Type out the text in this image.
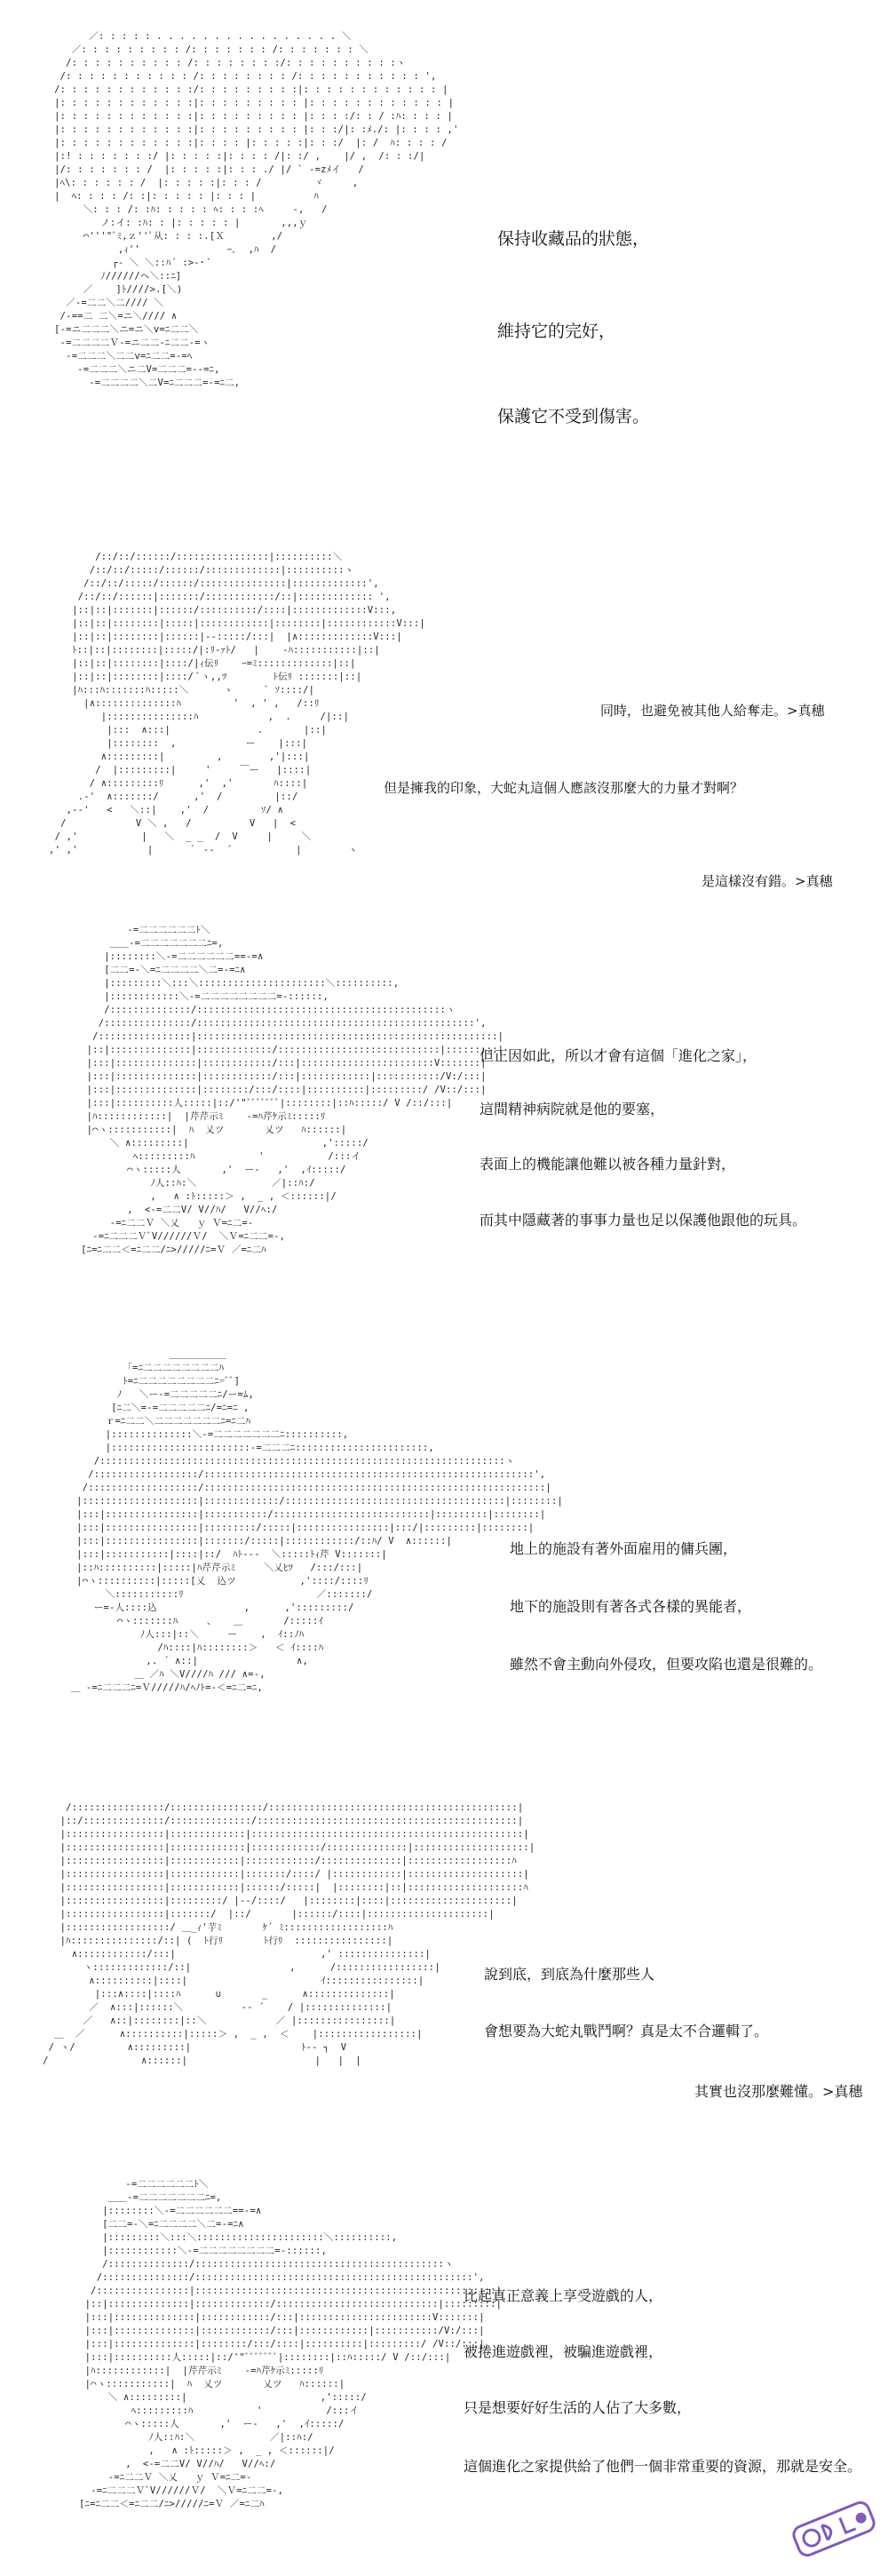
／: : : : : . . . . . . . . . . . . . . . . ＼
／: : : : : : : : : /: : : : : : : /: : : : : : : ＼
/: : : : : : : : : : /: : : : : : : :/: : : : : : : : : :ヽ
/: : : : : : : : : : : /: : : : : : : : /: : : : : : : : : : : ',
/: : : : : : : : : : : :/: : : : : : : : :|: : : : : : : : : : : : |
|: : : : : : : : : : : :|: : : : : : : : : |: : : : : : : : : : : : |
|: : : : : : : : : : : :|: : : : : : : : : |: : : :/: : / :ﾊ: : : : |
|: : : : : : : : : : : :|: : : : : : : : : |: : :/|: :ﾒ./: |: : : : ,'
|: : : : : : : : : : : :|: : : : |: : : : :|: : :/  |: /  ﾊ: : : : /
|:! : : : : : : :/ |: : : : :|: : : : /|: :/ ,    |/ ,  /: : :/|
|/: : : : : : : /  |: : : : :|: : : ./ |/ ` ‐=zﾒイ   /
|ﾍ\: : : : : : /  |: : : : :|: : : /         ヾ     ,
|  ﾍ: : : : /: :|: : : : : |: : : |          ﾊ
＼: : : /: :ﾊ: : : : : ﾍ: : : :ﾍ     ‐,   /
ノ:イ: :ﾊ: : |: : : : : |       ,,,ｙ
⌒'''"ﾞﾐ,ｚ''ﾟ从: : : :.[Ｘ        ,/
,ｨ''               ｰ､  ,ﾊ  /
┌‐ ＼ ＼::ﾊ´ :>-･ ﾞ
ﾉ//////ヘ＼::ﾆ]
／    ]ﾄ////>.[＼)
／-=二二＼二//// ＼
/-==二 二＼=ニ＼//// ∧
[-=ニ二二二＼ニ=ニ＼v=ﾆ二二＼
-=二二二二Ｖ-=ニ二二-ﾆ二二-=ヽ
-=二二二＼二二v=ﾆ二二=-=ﾍ
-=二二二＼ニ二V=二二二=-‐=ﾆ,
-=二二二二＼二V=ﾆ二二二=-=ﾆ二,
保持收藏品的狀態，
維持它的完好，
保護它不受到傷害。
/::/::/::::::/::::::::::::::::|::::::::::＼
/::/::/:::::/::::::/:::::::::::::|::::::::::ヽ
/::/::/:::::/::::::/:::::::::::::::|:::::::::::::',
/::/::/::::::|:::::::/::::::::::::/::|::::::::::::: ',
|::|::|:::::::|::::::/::::::::::/::::|:::::::::::::V:::,
|::|::|::::::::|:::::|::::::::::::|::::::::|::::::::::::V:::|
|::|::|::::::::|::::::|--:::::/:::|  |∧:::::::::::::V:::|
ﾄ::|::|::::::::|:::::/|:ﾘ-ｧﾄ/   |    ‐ﾊ:::::::::::|::|
|::|::|::::::::|::::/|ｨ伝ﾘ    ｰ=ﾐ:::::::::::::|::|
|::|::|::::::::|::::/ ﾞヽ,,ﾂ        ﾄ伝ﾘ :::::::|::|
|ﾊ:::ﾊ:::::::ﾊ:::::＼      ヽ      ﾞ ｿ::::/|
|∧::::::::::::::ﾊ         '  , ' ,   /::ﾘ
|:::::::::::::::ﾊ            ,  .     /|::|
|:::  ∧:::|               .       |::|
|::::::::  ,            ー    |:::|
∧:::::::::|         ,        ,'|:::|
/  |:::::::::|     '     ￣ー   |::::|
/ ∧:::::::::ﾘ      ,'  ,'       ﾊ::::|
.-'  ∧:::::::/      ,'  /         |::/
,-‐'   <   ＼::|    ,'  /         ｿ/ ∧
/            V ＼ ,   /          V   |  <
/ ,'           |   ＼  _ _  /  V     |     ＼
,' ,'            |      ｀ ‐-  ´           |        ヽ
同時，也避免被其他人給奪走。>真穗
但是擁我的印象，大蛇丸這個人應該沒那麼大的力量才對啊？
是這樣沒有錯。>真穗
-=二二二二二二ﾄ＼
＿＿‐=二二二二二二二ﾆ=,
|::::::::＼-=二二二二二二==‐=∧
[二二=-＼=ﾆ二二二二＼二=-=ﾆ∧
|:::::::::＼:::＼::::::::::::::::::::::＼::::::::::,
|::::::::::::＼-=二二二二二二二二=-::::::,
/::::::::::::::/:::::::::::::::::::::::::::::::::::::::::::ヽ
/:::::::::::::::/::::::::::::::::::::::::::::::::::::::::::::::::',
/::::::::::::::::|::::::::::::::::::::::::::::::::::::::::::::::::::::|
|::|::::::::::::::|:::::::::::::/::::::::::::::::::::::::::::|:::::::::|
|:::|::::::::::::::|::::::::::::/:::|:::::::::::::::::::::::V:::::::|
|:::|::::::::::::::|::::::::::::/:::|::::::::::::|:::::::::::/V:/:::|
|:::|::::::::::::::|::::::::/:::/::::|::::::::::|:::::::::/ /V::/:::|
|:::|::::::::::人:::::|::/'"ﾞﾞﾞﾞﾞﾞﾞ|::::::::|::ﾊ:::::/ V /::/:::|
|ﾊ::::::::::::|  |芹芹示ﾐ    ‐=ﾊ芹ｹ示ﾐ:::::ﾘ
|⌒ヽ:::::::::::|  ﾊ  乂ツ       乂ツ   ﾊ::::::|
＼ ∧:::::::::|                       ,':::::/
ﾍ:::::::::ﾊ           '           /:::イ
⌒ヽ:::::人       ,'  ー‐   ,'  ,ｲ:::::/
ﾉ人::ﾊ:＼             ／|::ﾊ:/
,   ∧ :ﾄ:::::＞ ,  _ , ＜::::::|/
,  <‐=二二V/ V//ﾊ/   V//ﾍ:/
-=ﾆ二二Ｖ ＼乂   ｙ Ｖ=ﾆ二=-
-=ﾆ二二二ＶﾞV//////Ｖ/  ＼Ｖ=ﾆ二二=-,
[ﾆ=ﾆ二二＜=ﾆ二二/ﾆ>/////ﾆ=Ｖ ／=ﾆ二ﾊ
但正因如此，所以才會有這個「進化之家」，
這間精神病院就是他的要塞，
表面上的機能讓他難以被各種力量針對，
而其中隱藏著的事事力量也足以保護他跟他的玩具。
＿＿＿＿＿＿
「=ﾆ二二二二二二二二ﾊ
ﾄ=ﾆ二二二二二二二二ﾆ=ﾞﾞ]
ﾉ   ＼ー‐=二二二二二ﾆ/ー=ﾑ,
[ﾆ二＼=-=二二二二二ﾆ/=ﾆ=ﾆ ,
ｒ=ﾆ二二＼二二二二二二二ﾆ=ﾆ二ﾊ
|::::::::::::::＼‐=二二二二二二二ﾆ::::::::::,
|::::::::::::::::::::::::‐=二二二ﾆ:::::::::::::::::::::::,
/::::::::::::::::::::::::::::::::::::::::::::::::::::::::::::::::::::::ヽ
/::::::::::::::::::/:::::::::::::::::::::::::::::::::::::::::::::::::::::::::',
/:::::::::::::::::::/:::::::::::::::::::::::::::::::::::::::::::::::::::::::::::|
|::::::::::::::::::::|:::::::::::::/::::::::::::::::::::::::::::::::::::::|::::::::|
|:::|::::::::::::::::|:::::::::::/:::::::::::::::::::::::::::|:::::::::|::::::::|
|:::|::::::::::::::::|:::::::::/:::::|::::::::::::::::|:::/|:::::::::|::::::::|
|:::|::::::::::::::::|:::::::/:::::|::::::::::::/::ﾊ/ V  ∧::::::|
|:::|:::::::::::|::::|::/  ﾊﾄ--‐  ＼:::::ﾄｨ芹 V:::::::|
|::ﾊ::::::::::|:::::|ﾊ芹芹示ﾐ     ＼乂ﾋﾂ   /:::/:::|
|⌒ヽ::::::::::|:::::[乂  込ツ           ,'::::/::::ﾘ
＼:::::::::::ﾘ                       ／:::::::/
ー=‐人::::込               ,      ,':::::::::/
⌒ヽ:::::::ﾊ     、   ＿       /:::::ｲ
ﾉ人:::|::＼     ー    ,  ｲ::ﾉﾊ
/ﾊ::::|ﾊ::::::::＞   ＜ ｲ::::ﾊ
,. ´ ∧::|                 ∧,
＿ ／ﾊ ＼V////ﾊ /// ∧=‐,
＿ -=ﾆ二二二ﾆ=Ｖ/////ﾊ/ﾍﾉﾄ=-＜=ﾆ二=ﾆ,
地上的施設有著外面雇用的傭兵團，
地下的施設則有著各式各樣的異能者，
雖然不會主動向外侵攻，但要攻陷也還是很難的。
/::::::::::::::::/::::::::::::::::/:::::::::::::::::::::::::::::::::::::::::::|
|::/::::::::::::::/::::::::::::::/:::::::::::::::::::::::::::::::::::::::::::::|
|:::::::::::::::::|:::::::::::::|:::::::::::::::::::::::::::::::::::::::::::::::|
|:::::::::::::::::|:::::::::::::|::::::::::::/::::::::::::::|::::::::::::::::::::|
|:::::::::::::::::|::::::::::::|::::::::::::/::::::::::::::|::::::::::::::::::ﾊ
|:::::::::::::::::|::::::::::::|:::::::/::::/ |::::::::::::|::::::::::::::::::::|
|:::::::::::::::::|::::::::::::|::::::/:::::|  |::::::::|::|::::::::::::::::::::ﾊ
|:::::::::::::::::|:::::::::/ |-‐/::::/   |::::::::|::::|:::::::::::::::::::::|
|:::::::::::::::::|:::::::/  |::/       |::::::/::::|:::::::::::::::::::::|
|::::::::::::::::::/ ＿_ｨ'芋ﾐ       ｹ´ ﾐ::::::::::::::::::ﾊ
|ﾊ:::::::::::::::/::| (  ﾄ行ﾘ       ﾄ行ﾘ  ::::::::::::::::|
∧::::::::::::/:::|                         ,' :::::::::::::::|
ヽ:::::::::::::/::|                 ,      /:::::::::::::::::|
∧::::::::::|::::|                       ｲ::::::::::::::::|
|:::∧::::|::::ﾊ      ∪       _      ∧::::::::::::::|
／  ∧:::|::::::＼          ‐‐ ´    / |::::::::::::::|
／   ∧::|::::::::|::＼            ／ |::::::::::::::::|
＿  ／      ∧::::::::::|:::::＞ ,  _ ,  ＜    |:::::::::::::::::|
/ ヽ/         ∧:::::::::|                   ﾄ‐‐ ┐  V
/                ∧::::::|                      |   |  |
說到底，到底為什麼那些人
會想要為大蛇丸戰鬥啊？真是太不合邏輯了。
其實也沒那麼難懂。>真穗
-=二二二二二二ﾄ＼
＿＿‐=二二二二二二二ﾆ=,
|::::::::＼-=二二二二二二==‐=∧
[二二=-＼=ﾆ二二二二＼二=-=ﾆ∧
|:::::::::＼:::＼::::::::::::::::::::::＼::::::::::,
|::::::::::::＼-=二二二二二二二二=-::::::,
/::::::::::::::/:::::::::::::::::::::::::::::::::::::::::::ヽ
/:::::::::::::::/::::::::::::::::::::::::::::::::::::::::::::::::',
/::::::::::::::::|::::::::::::::::::::::::::::::::::::::::::::::::::::|
|::|::::::::::::::|:::::::::::::/::::::::::::::::::::::::::::|:::::::::|
|:::|::::::::::::::|::::::::::::/:::|:::::::::::::::::::::::V:::::::|
|:::|::::::::::::::|::::::::::::/:::|::::::::::::|:::::::::::/V:/:::|
|:::|::::::::::::::|::::::::/:::/::::|::::::::::|:::::::::/ /V::/:::|
|:::|::::::::::人:::::|::/'"ﾞﾞﾞﾞﾞﾞﾞ|::::::::|::ﾊ:::::/ V /::/:::|
|ﾊ::::::::::::|  |芹芹示ﾐ    ‐=ﾊ芹ｹ示ﾐ:::::ﾘ
|⌒ヽ:::::::::::|  ﾊ  乂ツ       乂ツ   ﾊ::::::|
＼ ∧:::::::::|                       ,':::::/
ﾍ:::::::::ﾊ           '           /:::イ
⌒ヽ:::::人       ,'  ー‐   ,'  ,ｲ:::::/
ﾉ人::ﾊ:＼             ／|::ﾊ:/
,   ∧ :ﾄ:::::＞ ,  _ , ＜::::::|/
,  <‐=二二V/ V//ﾊ/   V//ﾍ:/
-=ﾆ二二Ｖ ＼乂   ｙ Ｖ=ﾆ二=-
-=ﾆ二二二ＶﾞV//////Ｖ/  ＼Ｖ=ﾆ二二=-,
[ﾆ=ﾆ二二＜=ﾆ二二/ﾆ>/////ﾆ=Ｖ ／=ﾆ二ﾊ
比起真正意義上享受遊戲的人，
被捲進遊戲裡，被騙進遊戲裡，
只是想要好好生活的人佔了大多數，
這個進化之家提供給了他們一個非常重要的資源，那就是安全。
